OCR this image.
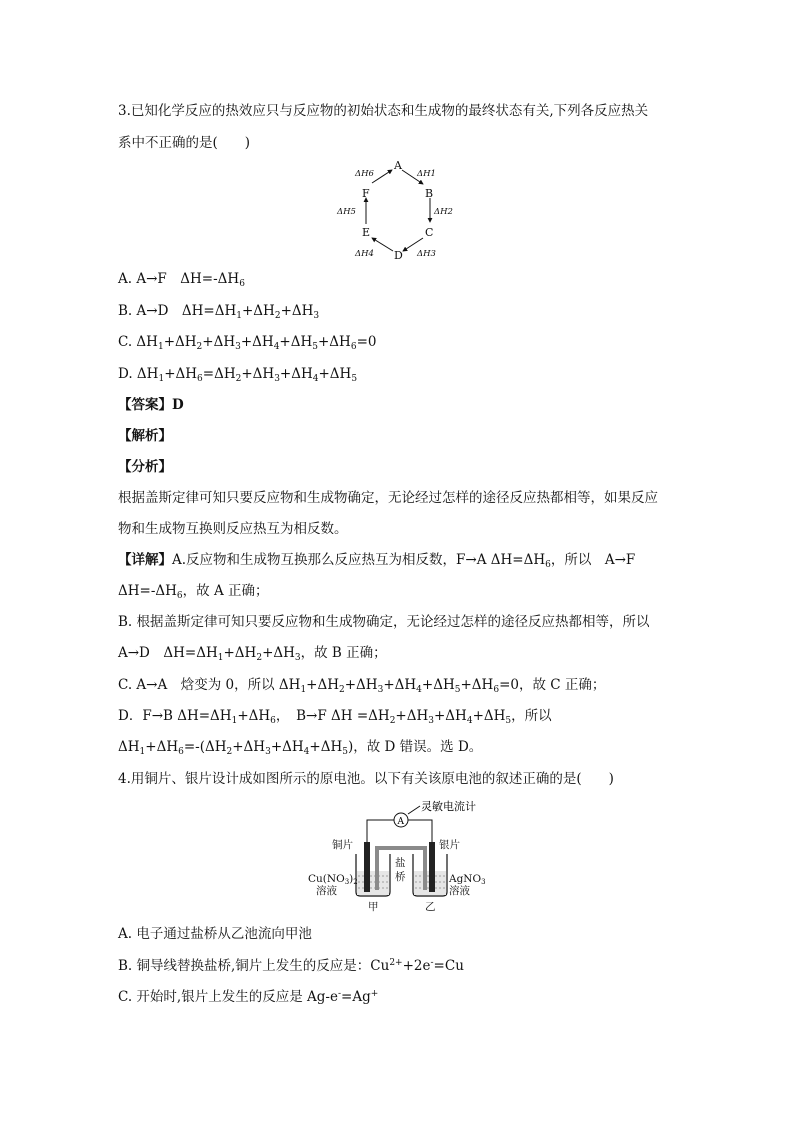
3.已知化学反应的热效应只与反应物的初始状态和生成物的最终状态有关,下列各反应热关
系中不正确的是(　　)
A
B
C
D
E
F
ΔH1
ΔH2
ΔH3
ΔH4
ΔH5
ΔH6
A. A→F　$\Delta H=-\Delta H_6$
B. A→D　$\Delta H=\Delta H_1+\Delta H_2+\Delta H_3$
C. $\Delta H_1+\Delta H_2+\Delta H_3+\Delta H_4+\Delta H_5+\Delta H_6=0$
D. $\Delta H_1+\Delta H_6=\Delta H_2+\Delta H_3+\Delta H_4+\Delta H_5$
【答案】D
【解析】
【分析】
根据盖斯定律可知只要反应物和生成物确定，无论经过怎样的途径反应热都相等，如果反应
物和生成物互换则反应热互为相反数。
【详解】A.反应物和生成物互换那么反应热互为相反数，F→A $\Delta H=\Delta H_6$，所以　A→F
$\Delta H=-\Delta H_6$，故 A 正确；
B. 根据盖斯定律可知只要反应物和生成物确定，无论经过怎样的途径反应热都相等，所以
A→D　$\Delta H=\Delta H_1+\Delta H_2+\Delta H_3$，故 B 正确；
C. A→A　焓变为 0，所以 $\Delta H_1+\Delta H_2+\Delta H_3+\Delta H_4+\Delta H_5+\Delta H_6=0$，故 C 正确；
D．F→B $\Delta H=\Delta H_1+\Delta H_6$，　B→F $\Delta H =\Delta H_2+\Delta H_3+\Delta H_4+\Delta H_5$，所以
$\Delta H_1+\Delta H_6=-(\Delta H_2+\Delta H_3+\Delta H_4+\Delta H_5)$，故 D 错误。选 D。
4.用铜片、银片设计成如图所示的原电池。以下有关该原电池的叙述正确的是(　　)
A
灵敏电流计
铜片	银片
盐
桥
Cu(NO3)2
溶液
AgNO3
溶液
甲	乙
A. 电子通过盐桥从乙池流向甲池
B. 铜导线替换盐桥,铜片上发生的反应是：$Cu^{2+}+2e^-=Cu$
C. 开始时,银片上发生的反应是 Ag-e-=Ag+
